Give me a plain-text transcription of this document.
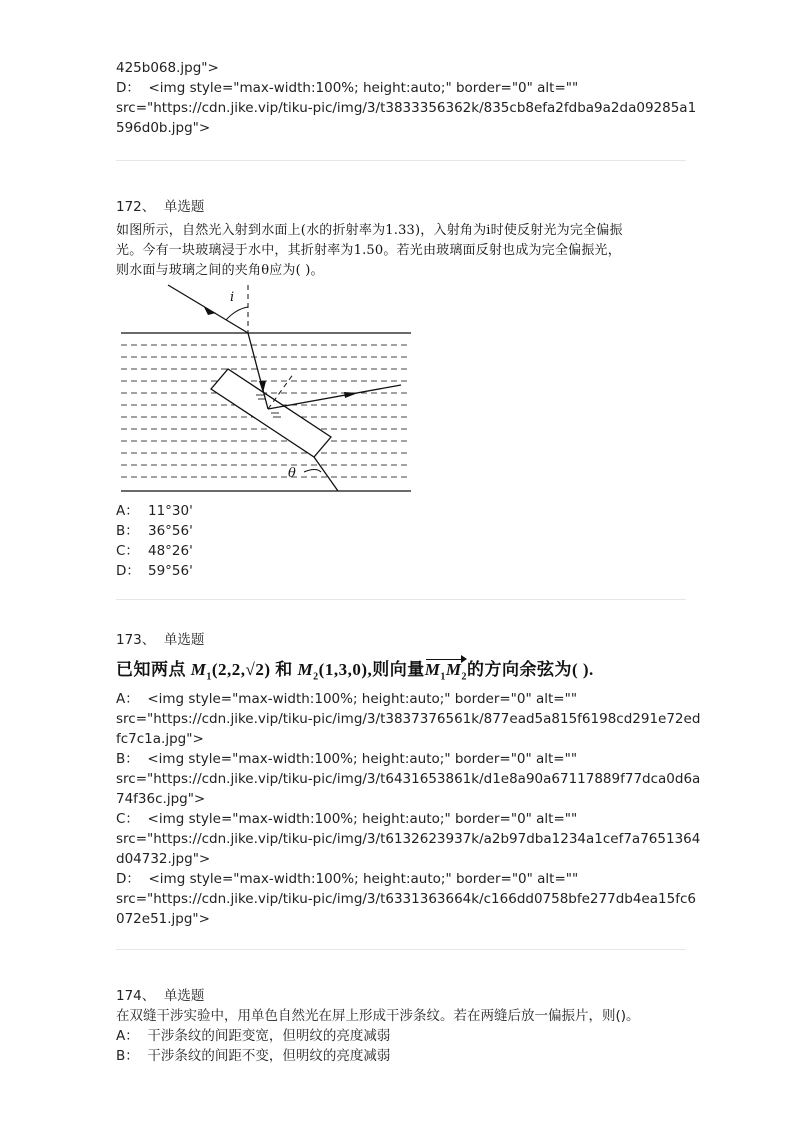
425b068.jpg">
D： <img style="max-width:100%; height:auto;" border="0" alt=""
src="https://cdn.jike.vip/tiku-pic/img/3/t3833356362k/835cb8efa2fdba9a2da09285a1
596d0b.jpg">
172、 单选题
如图所示，自然光入射到水面上(水的折射率为1.33)，入射角为i时使反射光为完全偏振
光。今有一块玻璃浸于水中，其折射率为1.50。若光由玻璃面反射也成为完全偏振光，
则水面与玻璃之间的夹角θ应为( )。
i
θ
A： 11°30'
B： 36°56'
C： 48°26'
D： 59°56'
173、 单选题
已知两点 $M_1(2,2,√2)$ 和 $M_2(1,3,0)$,则向量$M_1M_2$的方向余弦为( ).
A： <img style="max-width:100%; height:auto;" border="0" alt=""
src="https://cdn.jike.vip/tiku-pic/img/3/t3837376561k/877ead5a815f6198cd291e72ed
fc7c1a.jpg">
B： <img style="max-width:100%; height:auto;" border="0" alt=""
src="https://cdn.jike.vip/tiku-pic/img/3/t6431653861k/d1e8a90a67117889f77dca0d6a
74f36c.jpg">
C： <img style="max-width:100%; height:auto;" border="0" alt=""
src="https://cdn.jike.vip/tiku-pic/img/3/t6132623937k/a2b97dba1234a1cef7a7651364
d04732.jpg">
D： <img style="max-width:100%; height:auto;" border="0" alt=""
src="https://cdn.jike.vip/tiku-pic/img/3/t6331363664k/c166dd0758bfe277db4ea15fc6
072e51.jpg">
174、 单选题
在双缝干涉实验中，用单色自然光在屏上形成干涉条纹。若在两缝后放一偏振片，则()。
A： 干涉条纹的间距变宽，但明纹的亮度减弱
B： 干涉条纹的间距不变，但明纹的亮度减弱
